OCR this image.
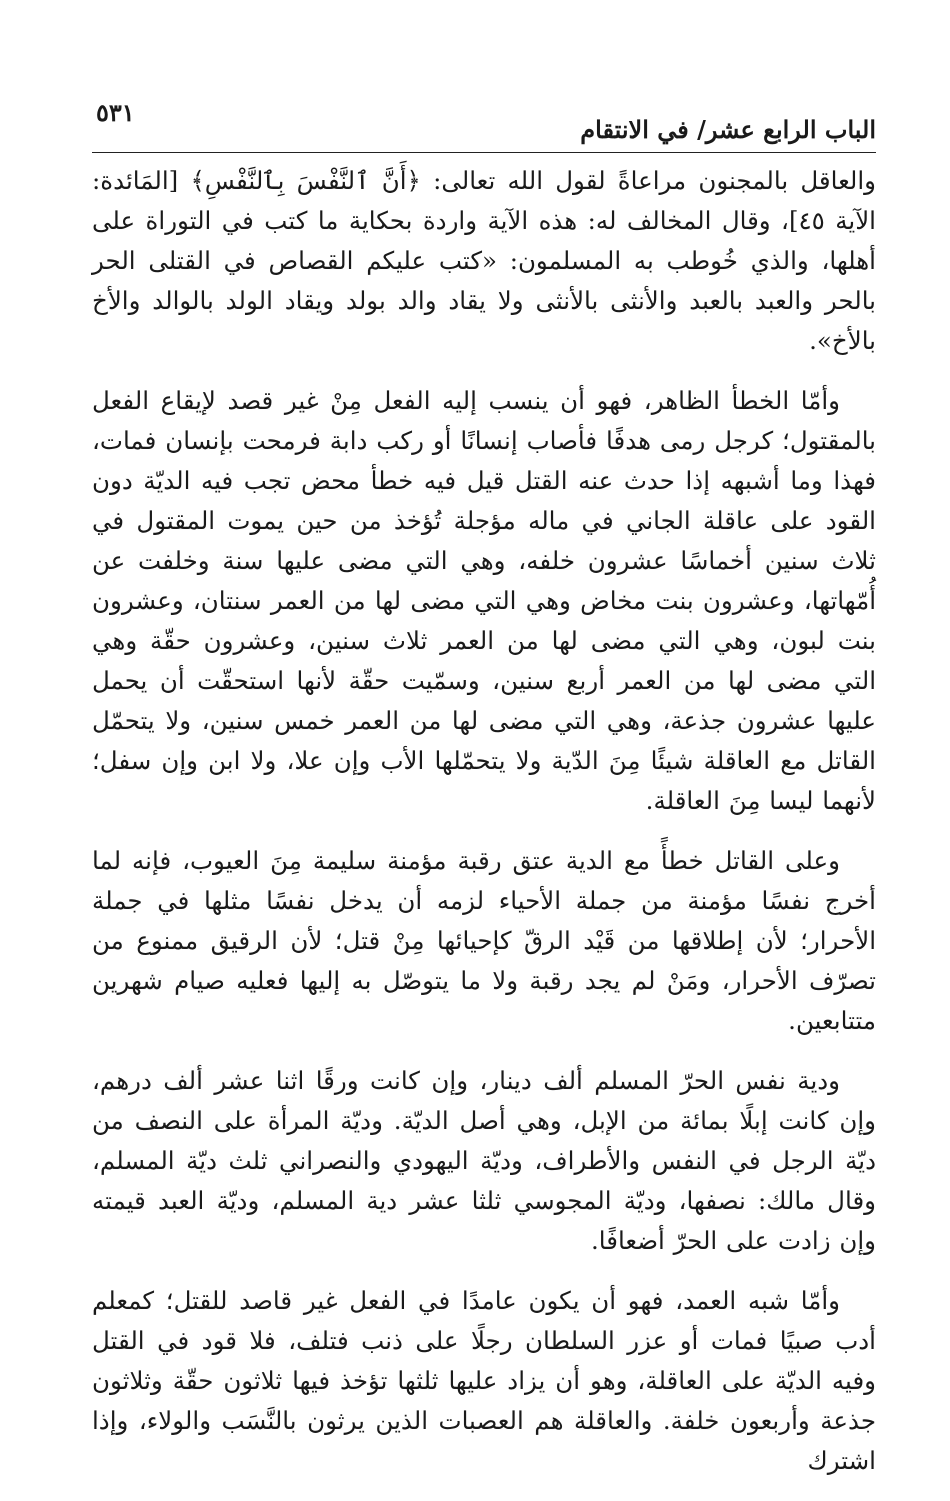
الباب الرابع عشر/ في الانتقام
٥٣١

والعاقل بالمجنون مراعاةً لقول الله تعالى: ﴿أَنَّ ٱلنَّفْسَ بِٱلنَّفْسِ﴾ [المَائدة: الآية ٤٥]، وقال المخالف له: هذه الآية واردة بحكاية ما كتب في التوراة على أهلها، والذي خُوطب به المسلمون: «كتب عليكم القصاص في القتلى الحر بالحر والعبد بالعبد والأنثى بالأنثى ولا يقاد والد بولد ويقاد الولد بالوالد والأخ بالأخ».

وأمّا الخطأ الظاهر، فهو أن ينسب إليه الفعل مِنْ غير قصد لإيقاع الفعل بالمقتول؛ كرجل رمى هدفًا فأصاب إنسانًا أو ركب دابة فرمحت بإنسان فمات، فهذا وما أشبهه إذا حدث عنه القتل قيل فيه خطأ محض تجب فيه الديّة دون القود على عاقلة الجاني في ماله مؤجلة تُؤخذ من حين يموت المقتول في ثلاث سنين أخماسًا عشرون خلفه، وهي التي مضى عليها سنة وخلفت عن أُمّهاتها، وعشرون بنت مخاض وهي التي مضى لها من العمر سنتان، وعشرون بنت لبون، وهي التي مضى لها من العمر ثلاث سنين، وعشرون حقّة وهي التي مضى لها من العمر أربع سنين، وسمّيت حقّة لأنها استحقّت أن يحمل عليها عشرون جذعة، وهي التي مضى لها من العمر خمس سنين، ولا يتحمّل القاتل مع العاقلة شيئًا مِنَ الدّية ولا يتحمّلها الأب وإن علا، ولا ابن وإن سفل؛ لأنهما ليسا مِنَ العاقلة.

وعلى القاتل خطأً مع الدية عتق رقبة مؤمنة سليمة مِنَ العيوب، فإنه لما أخرج نفسًا مؤمنة من جملة الأحياء لزمه أن يدخل نفسًا مثلها في جملة الأحرار؛ لأن إطلاقها من قَيْد الرقّ كإحيائها مِنْ قتل؛ لأن الرقيق ممنوع من تصرّف الأحرار، ومَنْ لم يجد رقبة ولا ما يتوصّل به إليها فعليه صيام شهرين متتابعين.

ودية نفس الحرّ المسلم ألف دينار، وإن كانت ورقًا اثنا عشر ألف درهم، وإن كانت إبلًا بمائة من الإبل، وهي أصل الديّة. وديّة المرأة على النصف من ديّة الرجل في النفس والأطراف، وديّة اليهودي والنصراني ثلث ديّة المسلم، وقال مالك: نصفها، وديّة المجوسي ثلثا عشر دية المسلم، وديّة العبد قيمته وإن زادت على الحرّ أضعافًا.

وأمّا شبه العمد، فهو أن يكون عامدًا في الفعل غير قاصد للقتل؛ كمعلم أدب صبيًا فمات أو عزر السلطان رجلًا على ذنب فتلف، فلا قود في القتل وفيه الديّة على العاقلة، وهو أن يزاد عليها ثلثها تؤخذ فيها ثلاثون حقّة وثلاثون جذعة وأربعون خلفة. والعاقلة هم العصبات الذين يرثون بالنَّسَب والولاء، وإذا اشترك
